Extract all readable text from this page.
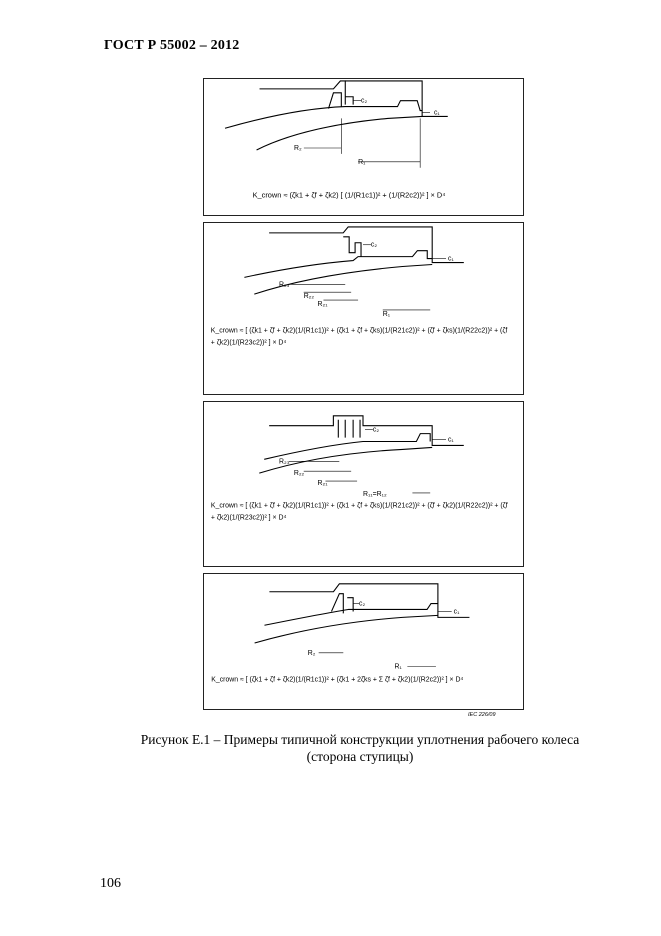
ГОСТ Р 55002 – 2012
c₂
c₁
R₂
R₁
K_crown ≈ (ζk1 + ζf + ζk2) [ (1/(R1c1))² + (1/(R2c2))² ] × D⁴
c₂
c₁
R₂₃
R₂₂
R₂₁
R₁
K_crown ≈ [ (ζk1 + ζf + ζk2)(1/(R1c1))² + (ζk1 + ζf + ζks)(1/(R21c2))² + (ζf + ζks)(1/(R22c2))² + (ζf + ζk2)(1/(R23c2))² ] × D⁴
c₂
c₁
R₂₃
R₂₂
R₂₁
R₁₁=R₁₂
K_crown ≈ [ (ζk1 + ζf + ζk2)(1/(R1c1))² + (ζk1 + ζf + ζks)(1/(R21c2))² + (ζf + ζk2)(1/(R22c2))² + (ζf + ζk2)(1/(R23c2))² ] × D⁴
c₂
c₁
R₂
R₁
K_crown ≈ [ (ζk1 + ζf + ζk2)(1/(R1c1))² + (ζk1 + 2ζks + Σ ζf + ζk2)(1/(R2c2))² ] × D⁴
IEC 226/09
Рисунок Е.1 – Примеры типичной конструкции уплотнения рабочего колеса
(сторона ступицы)
106
